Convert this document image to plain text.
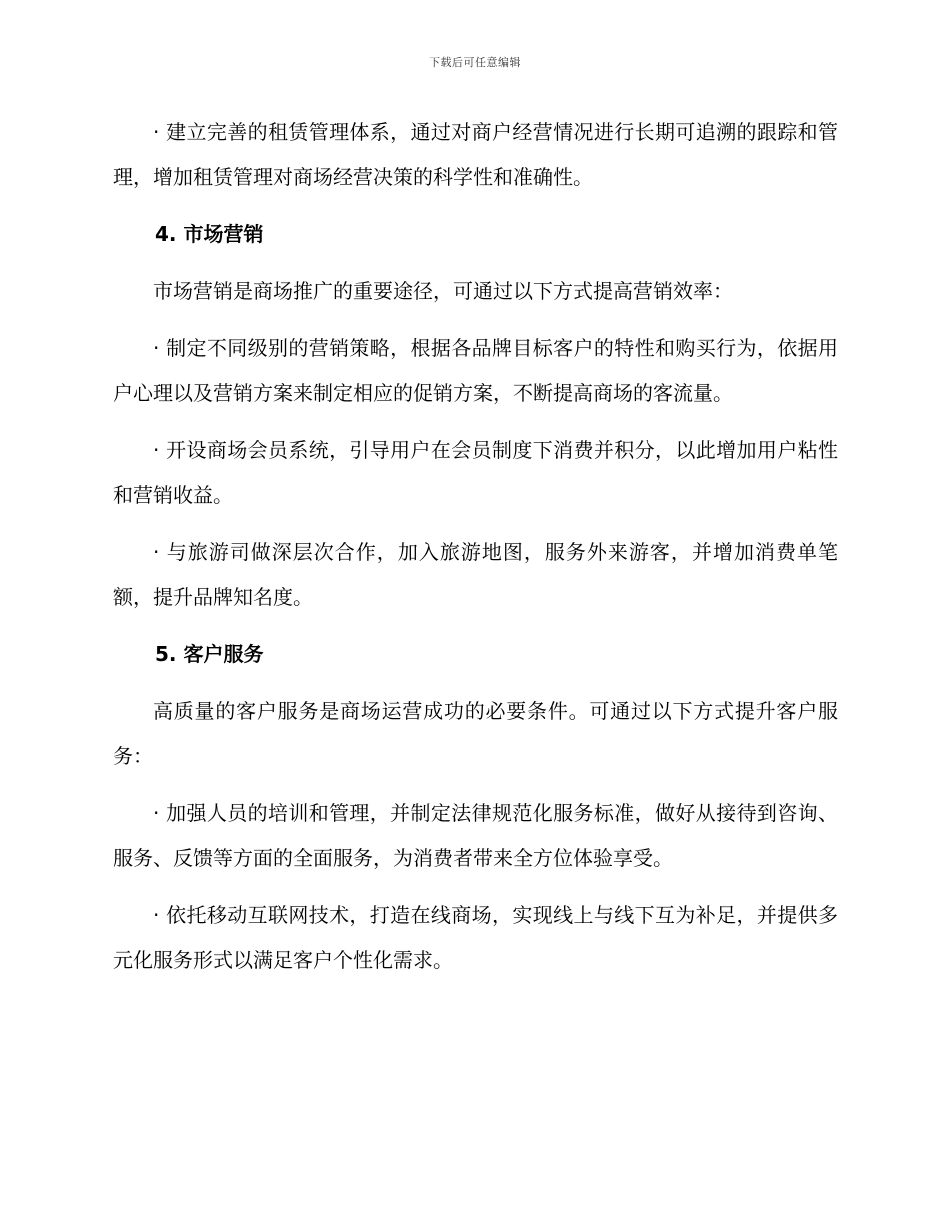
下载后可任意编辑

· 建立完善的租赁管理体系，通过对商户经营情况进行长期可追溯的跟踪和管理，增加租赁管理对商场经营决策的科学性和准确性。

4. 市场营销

市场营销是商场推广的重要途径，可通过以下方式提高营销效率：

· 制定不同级别的营销策略，根据各品牌目标客户的特性和购买行为，依据用户心理以及营销方案来制定相应的促销方案，不断提高商场的客流量。

· 开设商场会员系统，引导用户在会员制度下消费并积分，以此增加用户粘性和营销收益。

· 与旅游司做深层次合作，加入旅游地图，服务外来游客，并增加消费单笔额，提升品牌知名度。

5. 客户服务

高质量的客户服务是商场运营成功的必要条件。可通过以下方式提升客户服务：

· 加强人员的培训和管理，并制定法律规范化服务标准，做好从接待到咨询、服务、反馈等方面的全面服务，为消费者带来全方位体验享受。

· 依托移动互联网技术，打造在线商场，实现线上与线下互为补足，并提供多元化服务形式以满足客户个性化需求。
